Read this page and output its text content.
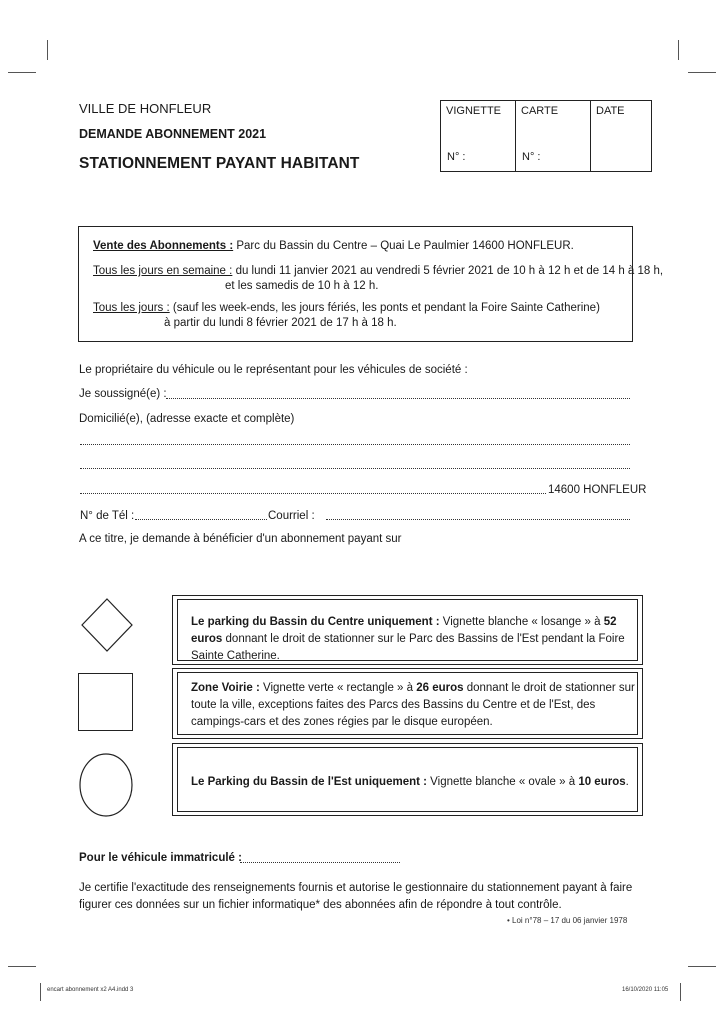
VILLE DE HONFLEUR
DEMANDE ABONNEMENT 2021
STATIONNEMENT PAYANT HABITANT
VIGNETTE
N° :

CARTE
N° :

DATE
Vente des Abonnements : Parc du Bassin du Centre – Quai Le Paulmier 14600 HONFLEUR.
Tous les jours en semaine : du lundi 11 janvier 2021 au vendredi 5 février 2021 de 10 h à 12 h et de 14 h à 18 h,
et les samedis de 10 h à 12 h.
Tous les jours : (sauf les week-ends, les jours fériés, les ponts et pendant la Foire Sainte Catherine)
à partir du lundi 8 février 2021 de 17 h à 18 h.
Le propriétaire du véhicule ou le représentant pour les véhicules de société :
Je soussigné(e) :
Domicilié(e), (adresse exacte et complète)
14600 HONFLEUR
N° de Tél :	Courriel :
A ce titre, je demande à bénéficier d'un abonnement payant sur
Le parking du Bassin du Centre uniquement : Vignette blanche « losange » à 52 euros donnant le droit de stationner sur le Parc des Bassins de l'Est pendant la Foire Sainte Catherine.
Zone Voirie : Vignette verte « rectangle » à 26 euros donnant le droit de stationner sur toute la ville, exceptions faites des Parcs des Bassins du Centre et de l'Est, des campings-cars et des zones régies par le disque européen.
Le Parking du Bassin de l'Est uniquement : Vignette blanche « ovale » à 10 euros.
Pour le véhicule immatriculé :
Je certifie l'exactitude des renseignements fournis et autorise le gestionnaire du stationnement payant à faire figurer ces données sur un fichier informatique* des abonnées afin de répondre à tout contrôle.
• Loi n°78 – 17 du 06 janvier 1978
encart abonnement x2 A4.indd 3	16/10/2020 11:05
